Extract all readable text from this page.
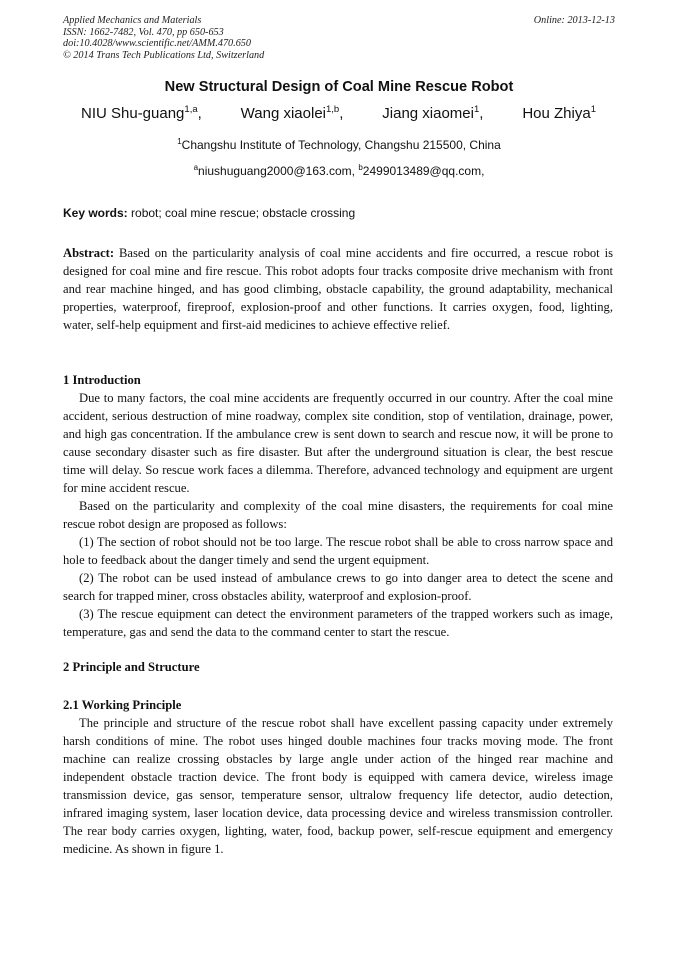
Applied Mechanics and Materials
ISSN: 1662-7482, Vol. 470, pp 650-653
doi:10.4028/www.scientific.net/AMM.470.650
© 2014 Trans Tech Publications Ltd, Switzerland
Online: 2013-12-13
New Structural Design of Coal Mine Rescue Robot
NIU Shu-guang$^{1,a}$,	Wang xiaolei$^{1,b}$,	Jiang xiaomei$^1$,	Hou Zhiya$^1$
$^1$Changshu Institute of Technology, Changshu 215500, China
$^a$niushuguang2000@163.com, $^b$2499013489@qq.com,
Key words: robot; coal mine rescue; obstacle crossing

Abstract: Based on the particularity analysis of coal mine accidents and fire occurred, a rescue robot is designed for coal mine and fire rescue. This robot adopts four tracks composite drive mechanism with front and rear machine hinged, and has good climbing, obstacle capability, the ground adaptability, mechanical properties, waterproof, fireproof, explosion-proof and other functions. It carries oxygen, food, lighting, water, self-help equipment and first-aid medicines to achieve effective relief.

1 Introduction

Due to many factors, the coal mine accidents are frequently occurred in our country. After the coal mine accident, serious destruction of mine roadway, complex site condition, stop of ventilation, drainage, power, and high gas concentration. If the ambulance crew is sent down to search and rescue now, it will be prone to cause secondary disaster such as fire disaster. But after the underground situation is clear, the best rescue time will delay. So rescue work faces a dilemma. Therefore, advanced technology and equipment are urgent for mine accident rescue.

Based on the particularity and complexity of the coal mine disasters, the requirements for coal mine rescue robot design are proposed as follows:

(1) The section of robot should not be too large. The rescue robot shall be able to cross narrow space and hole to feedback about the danger timely and send the urgent equipment.

(2) The robot can be used instead of ambulance crews to go into danger area to detect the scene and search for trapped miner, cross obstacles ability, waterproof and explosion-proof.

(3) The rescue equipment can detect the environment parameters of the trapped workers such as image, temperature, gas and send the data to the command center to start the rescue.

2 Principle and Structure
2.1 Working Principle

The principle and structure of the rescue robot shall have excellent passing capacity under extremely harsh conditions of mine. The robot uses hinged double machines four tracks moving mode. The front machine can realize crossing obstacles by large angle under action of the hinged rear machine and independent obstacle traction device. The front body is equipped with camera device, wireless image transmission device, gas sensor, temperature sensor, ultralow frequency life detector, audio detection, infrared imaging system, laser location device, data processing device and wireless transmission controller. The rear body carries oxygen, lighting, water, food, backup power, self-rescue equipment and emergency medicine. As shown in figure 1.
